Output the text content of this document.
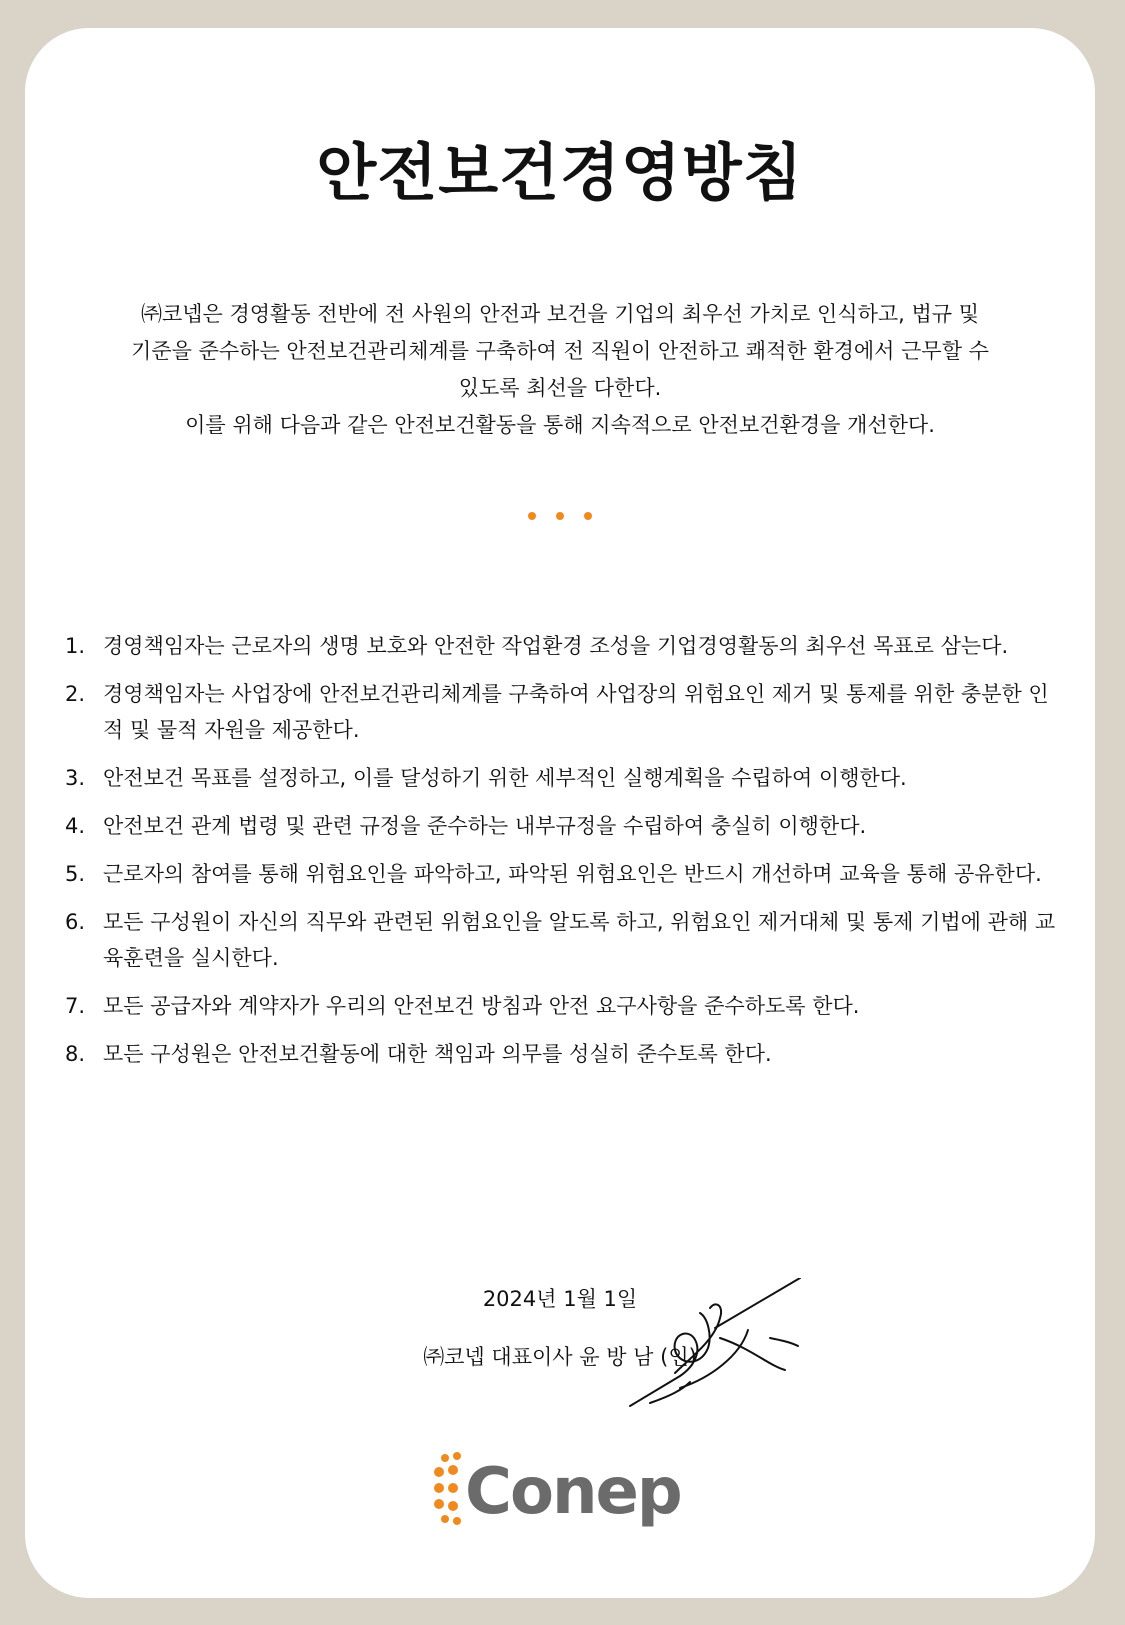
안전보건경영방침

㈜코넵은 경영활동 전반에 전 사원의 안전과 보건을 기업의 최우선 가치로 인식하고, 법규 및

기준을 준수하는 안전보건관리체계를 구축하여 전 직원이 안전하고 쾌적한 환경에서 근무할 수

있도록 최선을 다한다.

이를 위해 다음과 같은 안전보건활동을 통해 지속적으로 안전보건환경을 개선한다.

1. 경영책임자는 근로자의 생명 보호와 안전한 작업환경 조성을 기업경영활동의 최우선 목표로 삼는다.
2. 경영책임자는 사업장에 안전보건관리체계를 구축하여 사업장의 위험요인 제거 및 통제를 위한 충분한 인적 및 물적 자원을 제공한다.
3. 안전보건 목표를 설정하고, 이를 달성하기 위한 세부적인 실행계획을 수립하여 이행한다.
4. 안전보건 관계 법령 및 관련 규정을 준수하는 내부규정을 수립하여 충실히 이행한다.
5. 근로자의 참여를 통해 위험요인을 파악하고, 파악된 위험요인은 반드시 개선하며 교육을 통해 공유한다.
6. 모든 구성원이 자신의 직무와 관련된 위험요인을 알도록 하고, 위험요인 제거대체 및 통제 기법에 관해 교육훈련을 실시한다.
7. 모든 공급자와 계약자가 우리의 안전보건 방침과 안전 요구사항을 준수하도록 한다.
8. 모든 구성원은 안전보건활동에 대한 책임과 의무를 성실히 준수토록 한다.
2024년 1월 1일
㈜코넵 대표이사 윤 방 남 (인)
Conep
